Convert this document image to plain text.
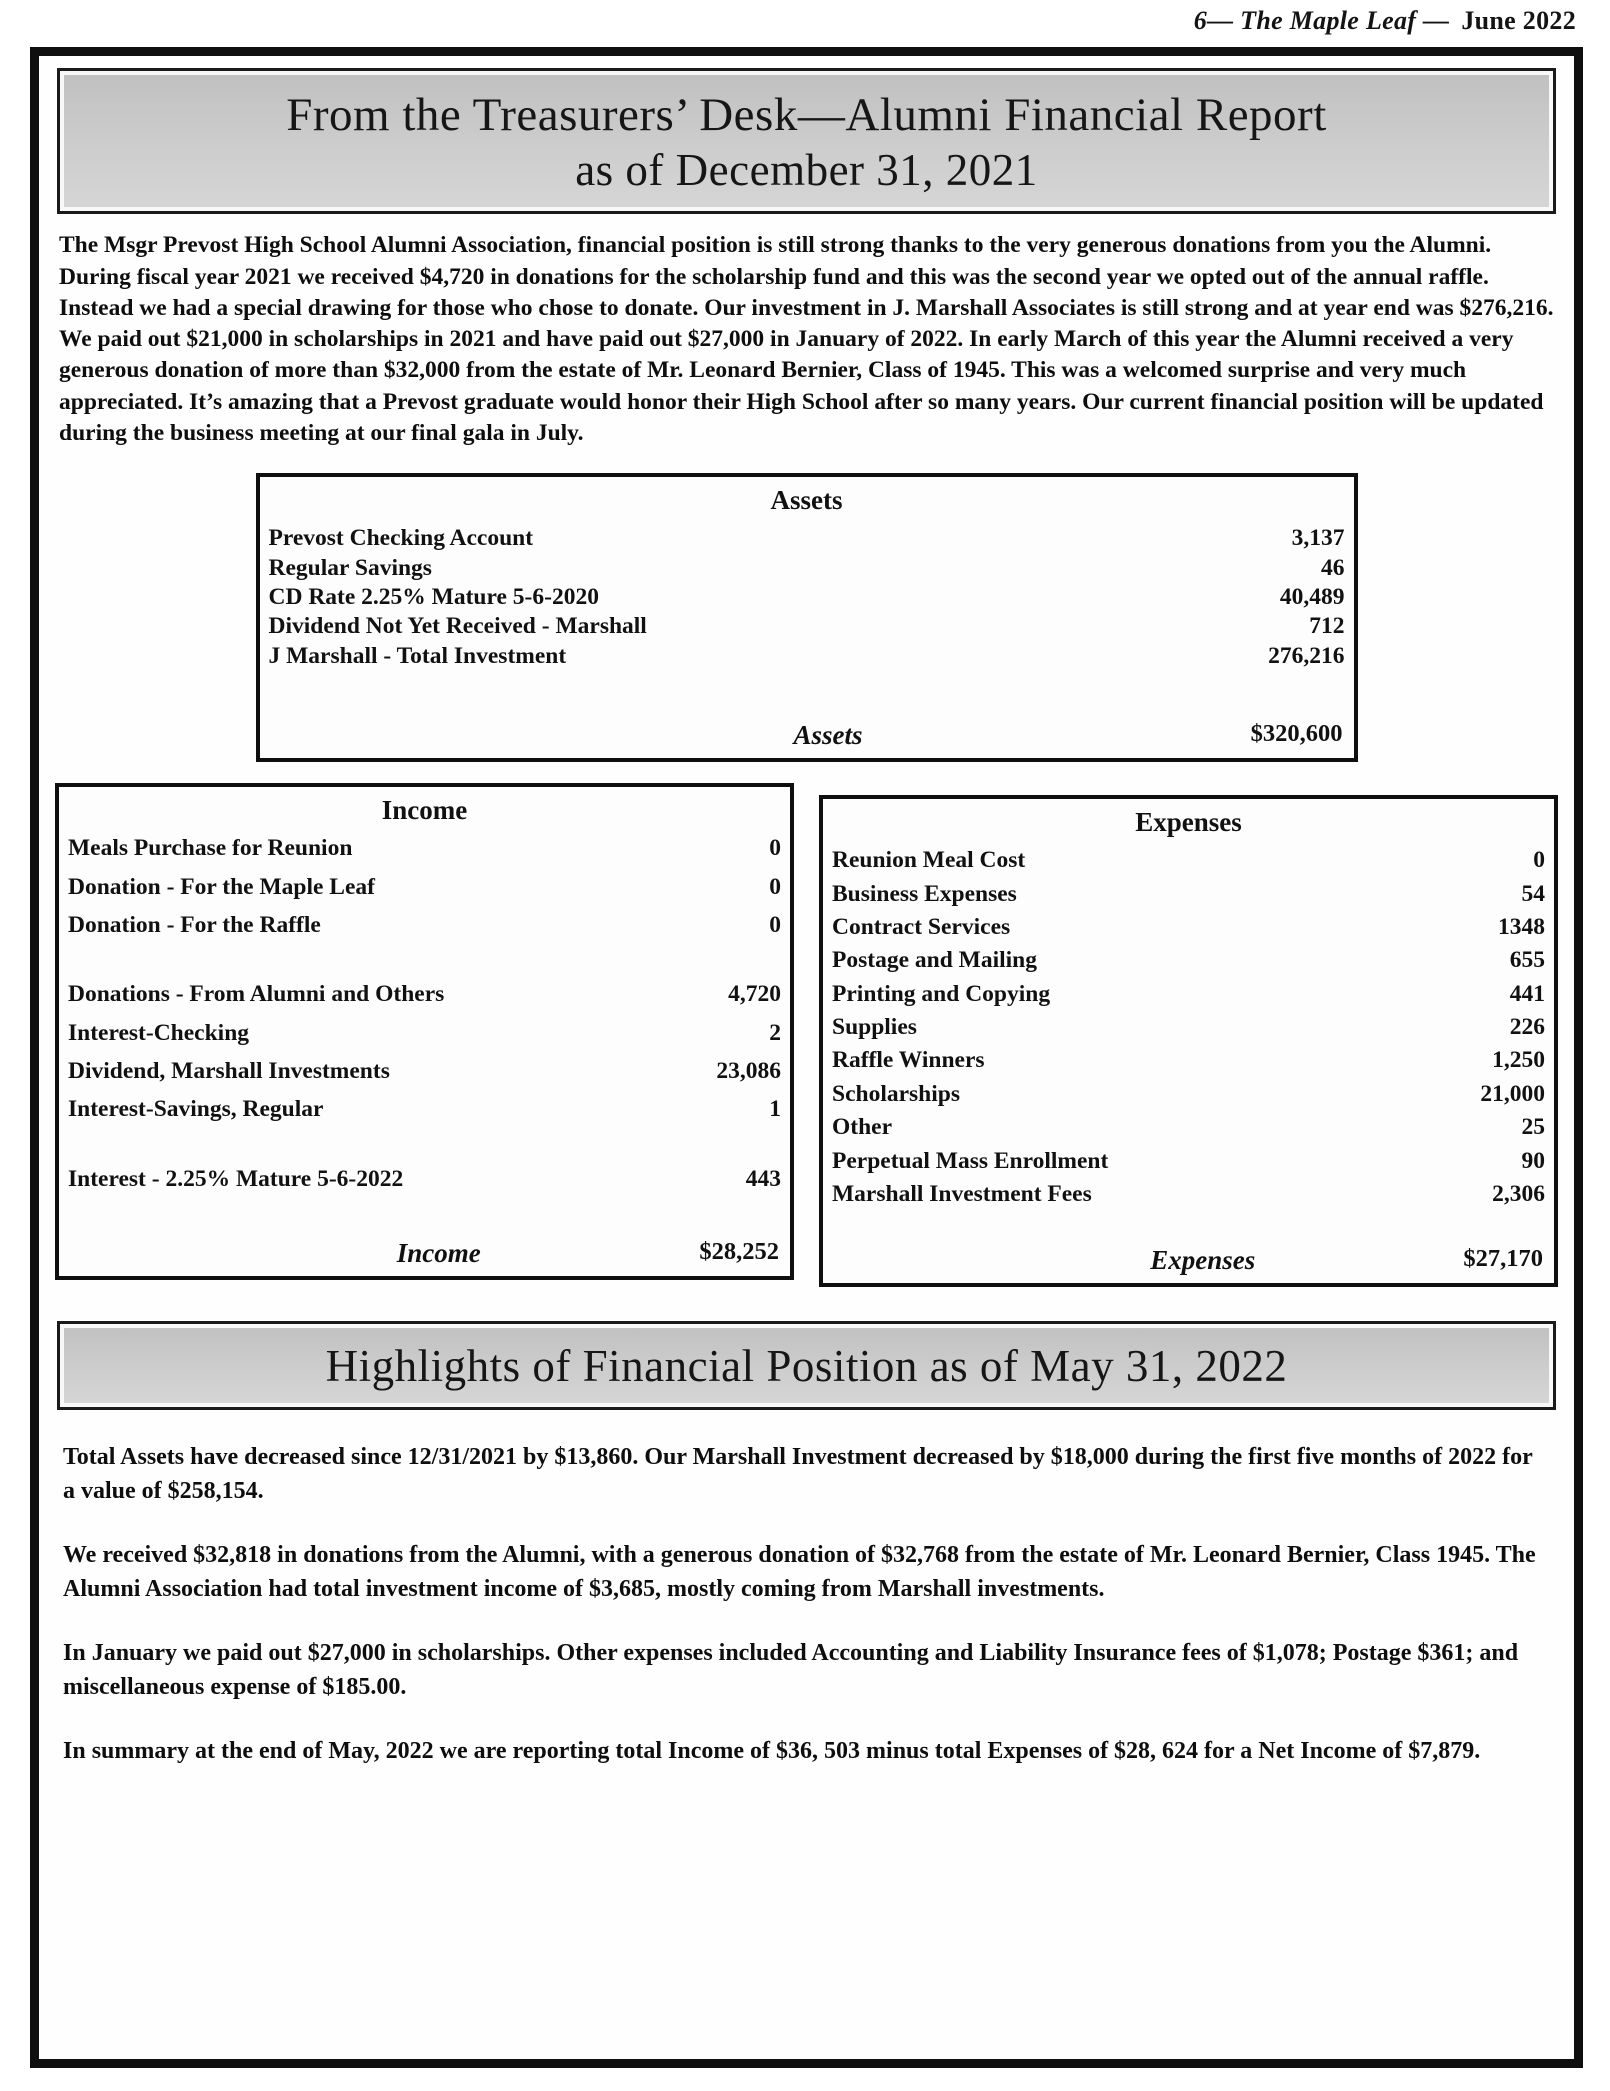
6— The Maple Leaf — June 2022
From the Treasurers’ Desk—Alumni Financial Report
as of December 31, 2021

The Msgr Prevost High School Alumni Association, financial position is still strong thanks to the very generous donations from you the Alumni. During fiscal year 2021 we received $4,720 in donations for the scholarship fund and this was the second year we opted out of the annual raffle. Instead we had a special drawing for those who chose to donate. Our investment in J. Marshall Associates is still strong and at year end was $276,216.

We paid out $21,000 in scholarships in 2021 and have paid out $27,000 in January of 2022. In early March of this year the Alumni received a very generous donation of more than $32,000 from the estate of Mr. Leonard Bernier, Class of 1945. This was a welcomed surprise and very much appreciated. It’s amazing that a Prevost graduate would honor their High School after so many years. Our current financial position will be updated during the business meeting at our final gala in July.

Assets
Prevost Checking Account	3,137
Regular Savings	46
CD Rate 2.25% Mature 5-6-2020	40,489
Dividend Not Yet Received - Marshall	712
J Marshall - Total Investment	276,216
Assets	$320,600
Income
Meals Purchase for Reunion	0
Donation - For the Maple Leaf	0
Donation - For the Raffle	0
Donations - From Alumni and Others	4,720
Interest-Checking	2
Dividend, Marshall Investments	23,086
Interest-Savings, Regular	1
Interest - 2.25% Mature 5-6-2022	443
Income	$28,252
Expenses
Reunion Meal Cost	0
Business Expenses	54
Contract Services	1348
Postage and Mailing	655
Printing and Copying	441
Supplies	226
Raffle Winners	1,250
Scholarships	21,000
Other	25
Perpetual Mass Enrollment	90
Marshall Investment Fees	2,306
Expenses	$27,170
Highlights of Financial Position as of May 31, 2022

Total Assets have decreased since 12/31/2021 by $13,860. Our Marshall Investment decreased by $18,000 during the first five months of 2022 for a value of $258,154.

We received $32,818 in donations from the Alumni, with a generous donation of $32,768 from the estate of Mr. Leonard Bernier, Class 1945. The Alumni Association had total investment income of $3,685, mostly coming from Marshall investments.

In January we paid out $27,000 in scholarships. Other expenses included Accounting and Liability Insurance fees of $1,078; Postage $361; and miscellaneous expense of $185.00.

In summary at the end of May, 2022 we are reporting total Income of $36, 503 minus total Expenses of $28, 624 for a Net Income of $7,879.
